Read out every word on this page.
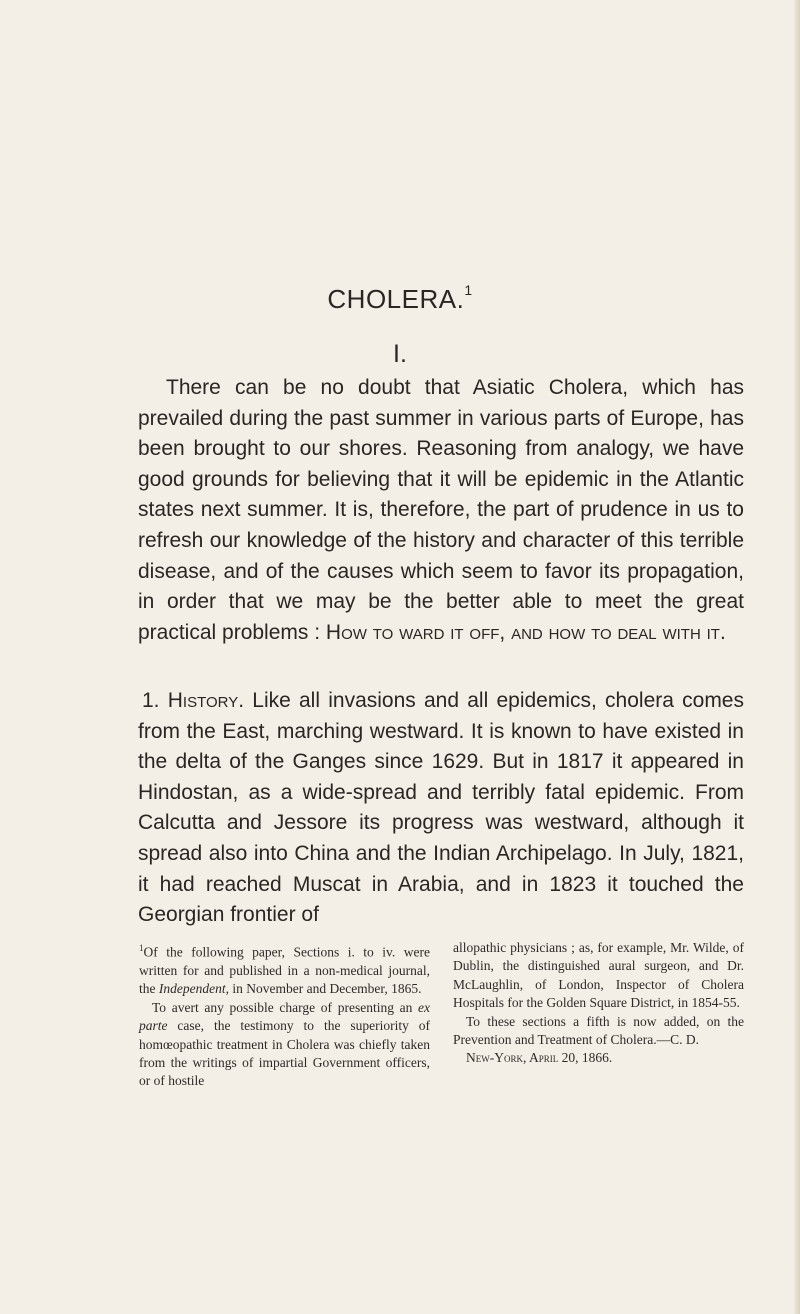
CHOLERA.$^1$
I.
There can be no doubt that Asiatic Cholera, which has prevailed during the past summer in various parts of Europe, has been brought to our shores. Reasoning from analogy, we have good grounds for believing that it will be epidemic in the Atlantic states next summer. It is, therefore, the part of prudence in us to refresh our knowledge of the history and character of this terrible disease, and of the causes which seem to favor its propagation, in order that we may be the better able to meet the great practical problems : How to ward it off, and how to deal with it.
1. History. Like all invasions and all epidemics, cholera comes from the East, marching westward. It is known to have existed in the delta of the Ganges since 1629. But in 1817 it appeared in Hindostan, as a wide-spread and terribly fatal epidemic. From Calcutta and Jessore its progress was westward, although it spread also into China and the Indian Archipelago. In July, 1821, it had reached Muscat in Arabia, and in 1823 it touched the Georgian frontier of

$^1$Of the following paper, Sections i. to iv. were written for and published in a non-medical journal, the Independent, in November and December, 1865.

To avert any possible charge of presenting an ex parte case, the testimony to the superiority of homœopathic treatment in Cholera was chiefly taken from the writings of impartial Government officers, or of hostile

allopathic physicians ; as, for example, Mr. Wilde, of Dublin, the distinguished aural surgeon, and Dr. McLaughlin, of London, Inspector of Cholera Hospitals for the Golden Square District, in 1854-55.

To these sections a fifth is now added, on the Prevention and Treatment of Cholera.—C. D.

New-York, April 20, 1866.
